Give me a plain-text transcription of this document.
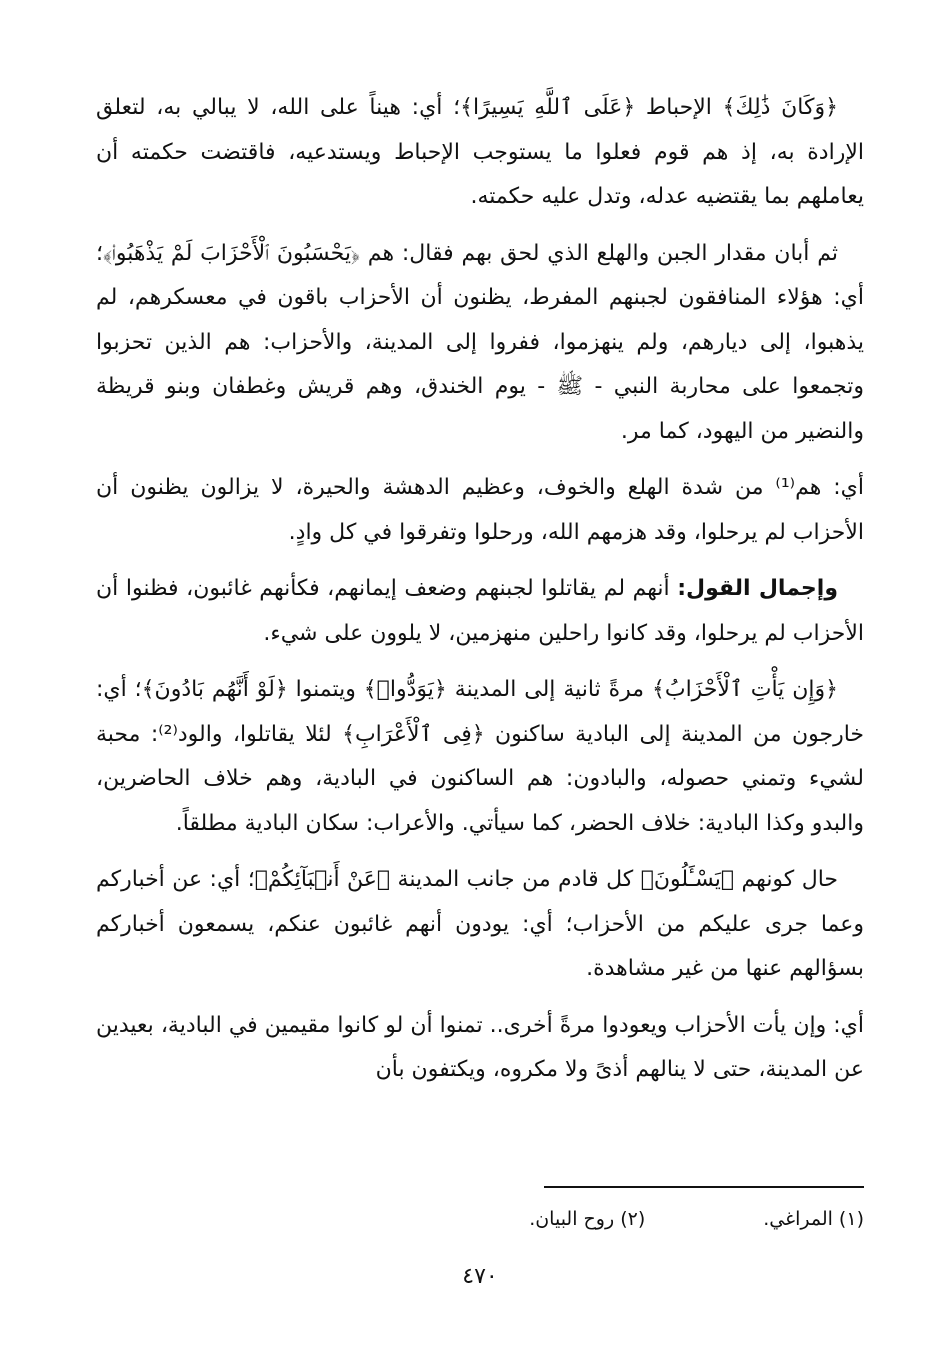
﴿وَكَانَ ذَٰلِكَ﴾ الإحباط ﴿عَلَى ٱللَّهِ يَسِيرًا﴾؛ أي: هيناً على الله، لا يبالي به، لتعلق الإرادة به، إذ هم قوم فعلوا ما يستوجب الإحباط ويستدعيه، فاقتضت حكمته أن يعاملهم بما يقتضيه عدله، وتدل عليه حكمته.

ثم أبان مقدار الجبن والهلع الذي لحق بهم فقال: هم ﴿يَحْسَبُونَ ٱلْأَحْزَابَ لَمْ يَذْهَبُوا۟﴾؛ أي: هؤلاء المنافقون لجبنهم المفرط، يظنون أن الأحزاب باقون في معسكرهم، لم يذهبوا، إلى ديارهم، ولم ينهزموا، ففروا إلى المدينة، والأحزاب: هم الذين تحزبوا وتجمعوا على محاربة النبي - ﷺ - يوم الخندق، وهم قريش وغطفان وبنو قريظة والنضير من اليهود، كما مر.

أي: هم⁽¹⁾ من شدة الهلع والخوف، وعظيم الدهشة والحيرة، لا يزالون يظنون أن الأحزاب لم يرحلوا، وقد هزمهم الله، ورحلوا وتفرقوا في كل وادٍ.

وإجمال القول: أنهم لم يقاتلوا لجبنهم وضعف إيمانهم، فكأنهم غائبون، فظنوا أن الأحزاب لم يرحلوا، وقد كانوا راحلين منهزمين، لا يلوون على شيء.

﴿وَإِن يَأْتِ ٱلْأَحْزَابُ﴾ مرةً ثانية إلى المدينة ﴿يَوَدُّوا۟﴾ ويتمنوا ﴿لَوْ أَنَّهُم بَادُونَ﴾؛ أي: خارجون من المدينة إلى البادية ساكنون ﴿فِى ٱلْأَعْرَابِ﴾ لئلا يقاتلوا، والود⁽²⁾: محبة لشيء وتمني حصوله، والبادون: هم الساكنون في البادية، وهم خلاف الحاضرين، والبدو وكذا البادية: خلاف الحضر، كما سيأتي. والأعراب: سكان البادية مطلقاً.

حال كونهم ﴿يَسْـَٔلُونَ﴾ كل قادم من جانب المدينة ﴿عَنْ أَنۢبَآئِكُمْ﴾؛ أي: عن أخباركم وعما جرى عليكم من الأحزاب؛ أي: يودون أنهم غائبون عنكم، يسمعون أخباركم بسؤالهم عنها من غير مشاهدة.

أي: وإن يأت الأحزاب ويعودوا مرةً أخرى.. تمنوا أن لو كانوا مقيمين في البادية، بعيدين عن المدينة، حتى لا ينالهم أذىً ولا مكروه، ويكتفون بأن

(١) المراغي.
(٢) روح البيان.
٤٧٠
